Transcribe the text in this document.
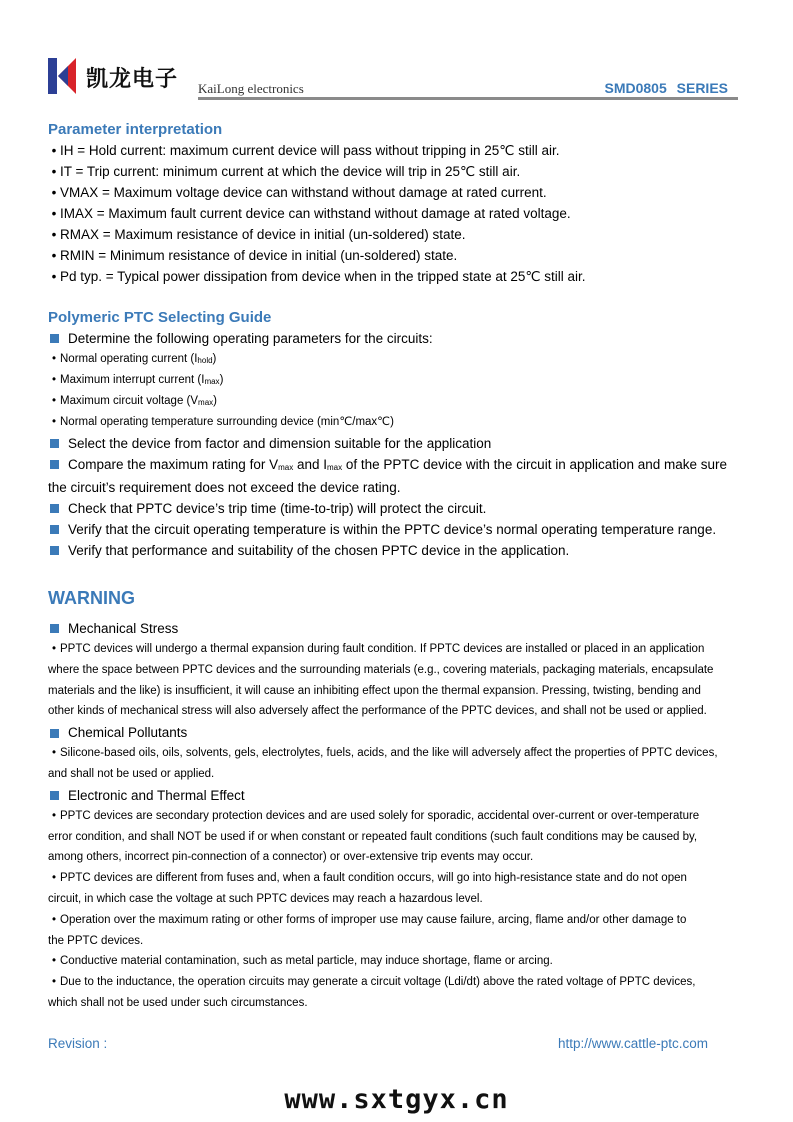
凯龙电子 KaiLong electronics	SMD0805 SERIES
Parameter interpretation

• IH = Hold current: maximum current device will pass without tripping in 25℃ still air.

• IT = Trip current: minimum current at which the device will trip in 25℃ still air.

• VMAX = Maximum voltage device can withstand without damage at rated current.

• IMAX = Maximum fault current device can withstand without damage at rated voltage.

• RMAX = Maximum resistance of device in initial (un-soldered) state.

• RMIN = Minimum resistance of device in initial (un-soldered) state.

• Pd typ. = Typical power dissipation from device when in the tripped state at 25℃ still air.

Polymeric PTC Selecting Guide

Determine the following operating parameters for the circuits:

• Normal operating current $(I_{hold})$

• Maximum interrupt current $(I_{max})$

• Maximum circuit voltage $(V_{max})$

• Normal operating temperature surrounding device (min℃/max℃)

Select the device from factor and dimension suitable for the application

Compare the maximum rating for $V_{max}$ and $I_{max}$ of the PPTC device with the circuit in application and make sure

the circuit’s requirement does not exceed the device rating.

Check that PPTC device’s trip time (time-to-trip) will protect the circuit.

Verify that the circuit operating temperature is within the PPTC device’s normal operating temperature range.

Verify that performance and suitability of the chosen PPTC device in the application.

WARNING

Mechanical Stress

• PPTC devices will undergo a thermal expansion during fault condition. If PPTC devices are installed or placed in an application

where the space between PPTC devices and the surrounding materials (e.g., covering materials, packaging materials, encapsulate

materials and the like) is insufficient, it will cause an inhibiting effect upon the thermal expansion. Pressing, twisting, bending and

other kinds of mechanical stress will also adversely affect the performance of the PPTC devices, and shall not be used or applied.

Chemical Pollutants

• Silicone-based oils, oils, solvents, gels, electrolytes, fuels, acids, and the like will adversely affect the properties of PPTC devices,

and shall not be used or applied.

Electronic and Thermal Effect

• PPTC devices are secondary protection devices and are used solely for sporadic, accidental over-current or over-temperature

error condition, and shall NOT be used if or when constant or repeated fault conditions (such fault conditions may be caused by,

among others, incorrect pin-connection of a connector) or over-extensive trip events may occur.

• PPTC devices are different from fuses and, when a fault condition occurs, will go into high-resistance state and do not open

circuit, in which case the voltage at such PPTC devices may reach a hazardous level.

• Operation over the maximum rating or other forms of improper use may cause failure, arcing, flame and/or other damage to

the PPTC devices.

• Conductive material contamination, such as metal particle, may induce shortage, flame or arcing.

• Due to the inductance, the operation circuits may generate a circuit voltage (Ldi/dt) above the rated voltage of PPTC devices,

which shall not be used under such circumstances.

Revision :	http://www.cattle-ptc.com
www.sxtgyx.cn
